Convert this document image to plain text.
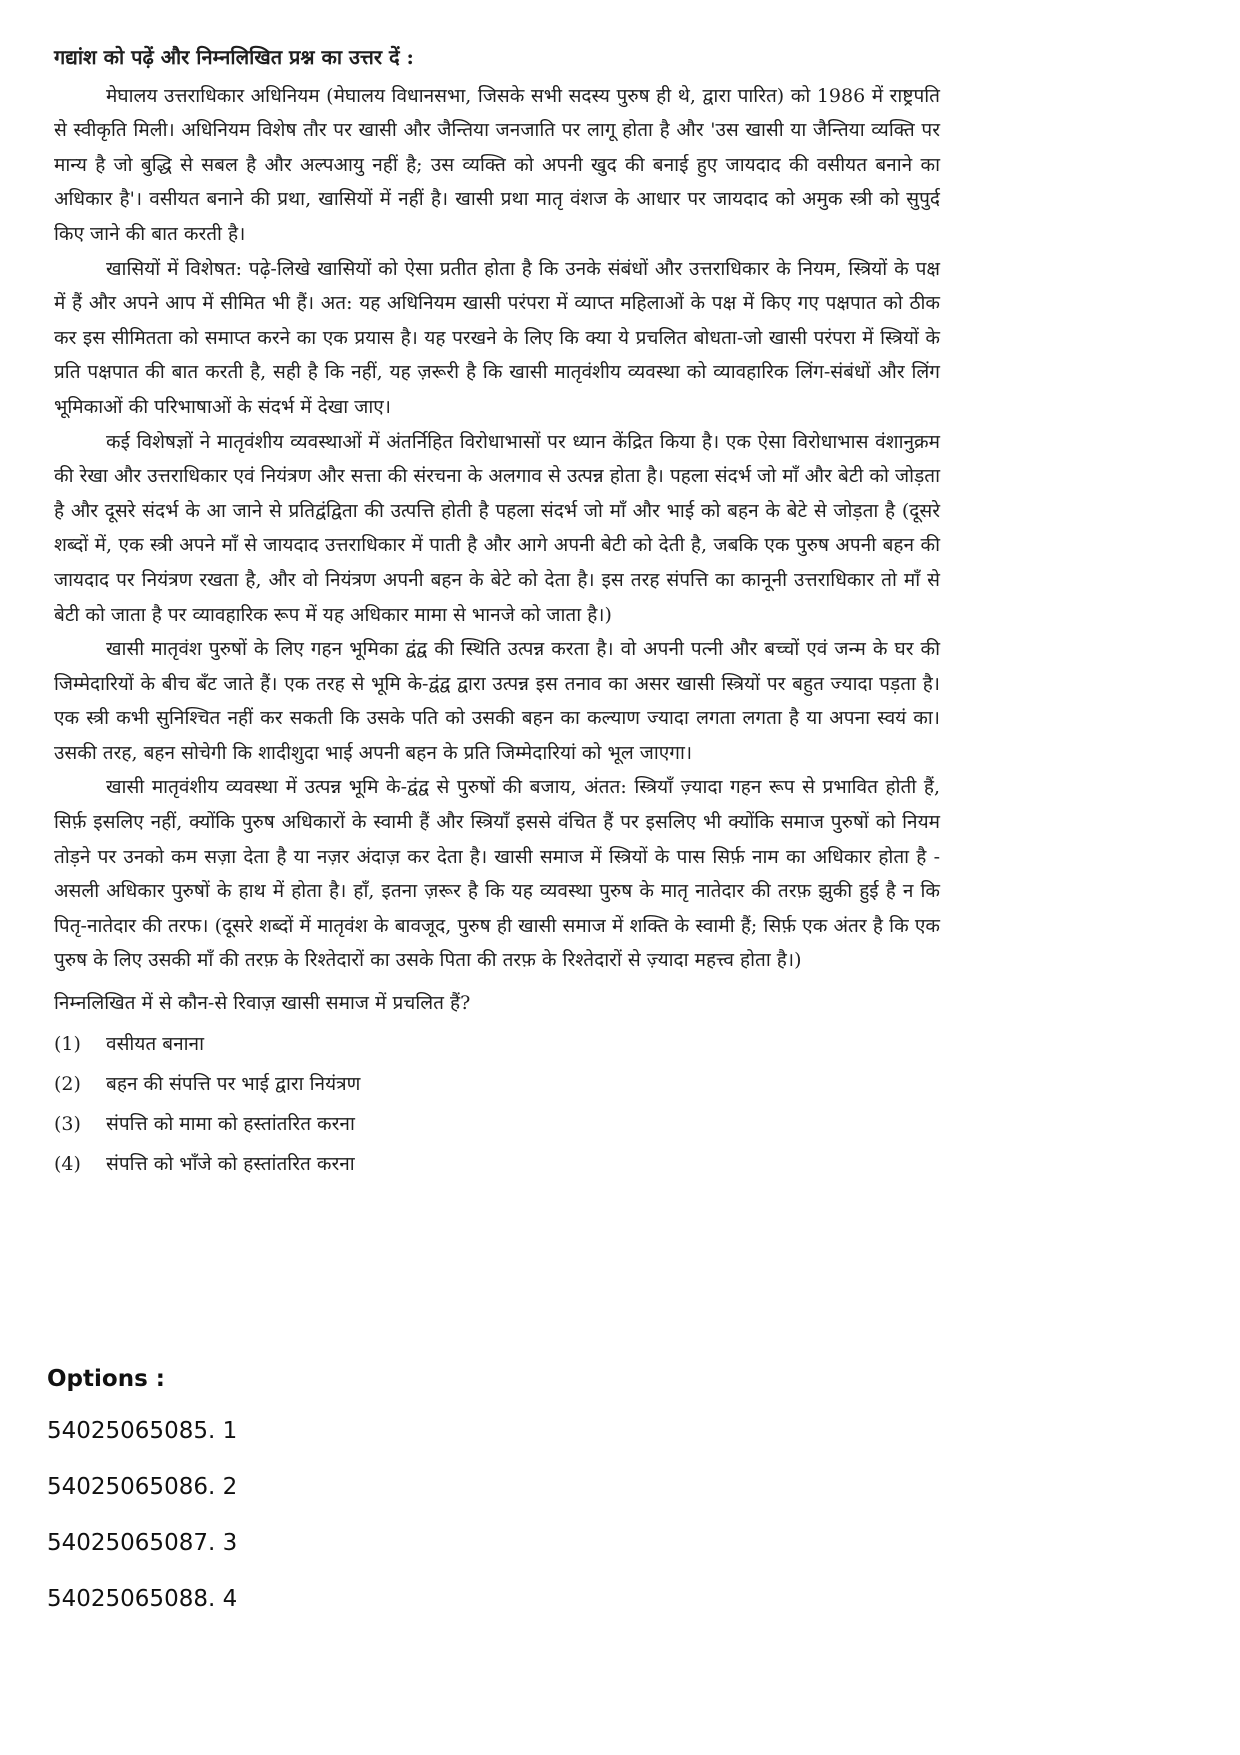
गद्यांश को पढ़ें और निम्नलिखित प्रश्न का उत्तर दें :

मेघालय उत्तराधिकार अधिनियम (मेघालय विधानसभा, जिसके सभी सदस्य पुरुष ही थे, द्वारा पारित) को 1986 में राष्ट्रपति से स्वीकृति मिली। अधिनियम विशेष तौर पर खासी और जैन्तिया जनजाति पर लागू होता है और 'उस खासी या जैन्तिया व्यक्ति पर मान्य है जो बुद्धि से सबल है और अल्पआयु नहीं है; उस व्यक्ति को अपनी खुद की बनाई हुए जायदाद की वसीयत बनाने का अधिकार है'। वसीयत बनाने की प्रथा, खासियों में नहीं है। खासी प्रथा मातृ वंशज के आधार पर जायदाद को अमुक स्त्री को सुपुर्द किए जाने की बात करती है।

खासियों में विशेषत: पढ़े-लिखे खासियों को ऐसा प्रतीत होता है कि उनके संबंधों और उत्तराधिकार के नियम, स्त्रियों के पक्ष में हैं और अपने आप में सीमित भी हैं। अत: यह अधिनियम खासी परंपरा में व्याप्त महिलाओं के पक्ष में किए गए पक्षपात को ठीक कर इस सीमितता को समाप्त करने का एक प्रयास है। यह परखने के लिए कि क्या ये प्रचलित बोधता-जो खासी परंपरा में स्त्रियों के प्रति पक्षपात की बात करती है, सही है कि नहीं, यह ज़रूरी है कि खासी मातृवंशीय व्यवस्था को व्यावहारिक लिंग-संबंधों और लिंग भूमिकाओं की परिभाषाओं के संदर्भ में देखा जाए।

कई विशेषज्ञों ने मातृवंशीय व्यवस्थाओं में अंतर्निहित विरोधाभासों पर ध्यान केंद्रित किया है। एक ऐसा विरोधाभास वंशानुक्रम की रेखा और उत्तराधिकार एवं नियंत्रण और सत्ता की संरचना के अलगाव से उत्पन्न होता है। पहला संदर्भ जो माँ और बेटी को जोड़ता है और दूसरे संदर्भ के आ जाने से प्रतिद्वंद्विता की उत्पत्ति होती है पहला संदर्भ जो माँ और भाई को बहन के बेटे से जोड़ता है (दूसरे शब्दों में, एक स्त्री अपने माँ से जायदाद उत्तराधिकार में पाती है और आगे अपनी बेटी को देती है, जबकि एक पुरुष अपनी बहन की जायदाद पर नियंत्रण रखता है, और वो नियंत्रण अपनी बहन के बेटे को देता है। इस तरह संपत्ति का कानूनी उत्तराधिकार तो माँ से बेटी को जाता है पर व्यावहारिक रूप में यह अधिकार मामा से भानजे को जाता है।)

खासी मातृवंश पुरुषों के लिए गहन भूमिका द्वंद्व की स्थिति उत्पन्न करता है। वो अपनी पत्नी और बच्चों एवं जन्म के घर की जिम्मेदारियों के बीच बँट जाते हैं। एक तरह से भूमि के-द्वंद्व द्वारा उत्पन्न इस तनाव का असर खासी स्त्रियों पर बहुत ज्यादा पड़ता है। एक स्त्री कभी सुनिश्चित नहीं कर सकती कि उसके पति को उसकी बहन का कल्याण ज्यादा लगता लगता है या अपना स्वयं का। उसकी तरह, बहन सोचेगी कि शादीशुदा भाई अपनी बहन के प्रति जिम्मेदारियां को भूल जाएगा।

खासी मातृवंशीय व्यवस्था में उत्पन्न भूमि के-द्वंद्व से पुरुषों की बजाय, अंतत: स्त्रियाँ ज़्यादा गहन रूप से प्रभावित होती हैं, सिर्फ़ इसलिए नहीं, क्योंकि पुरुष अधिकारों के स्वामी हैं और स्त्रियाँ इससे वंचित हैं पर इसलिए भी क्योंकि समाज पुरुषों को नियम तोड़ने पर उनको कम सज़ा देता है या नज़र अंदाज़ कर देता है। खासी समाज में स्त्रियों के पास सिर्फ़ नाम का अधिकार होता है - असली अधिकार पुरुषों के हाथ में होता है। हाँ, इतना ज़रूर है कि यह व्यवस्था पुरुष के मातृ नातेदार की तरफ़ झुकी हुई है न कि पितृ-नातेदार की तरफ। (दूसरे शब्दों में मातृवंश के बावजूद, पुरुष ही खासी समाज में शक्ति के स्वामी हैं; सिर्फ़ एक अंतर है कि एक पुरुष के लिए उसकी माँ की तरफ़ के रिश्तेदारों का उसके पिता की तरफ़ के रिश्तेदारों से ज़्यादा महत्त्व होता है।)

निम्नलिखित में से कौन-से रिवाज़ खासी समाज में प्रचलित हैं?
(1)	वसीयत बनाना
(2)	बहन की संपत्ति पर भाई द्वारा नियंत्रण
(3)	संपत्ति को मामा को हस्तांतरित करना
(4)	संपत्ति को भाँजे को हस्तांतरित करना
Options :
54025065085. 1
54025065086. 2
54025065087. 3
54025065088. 4
